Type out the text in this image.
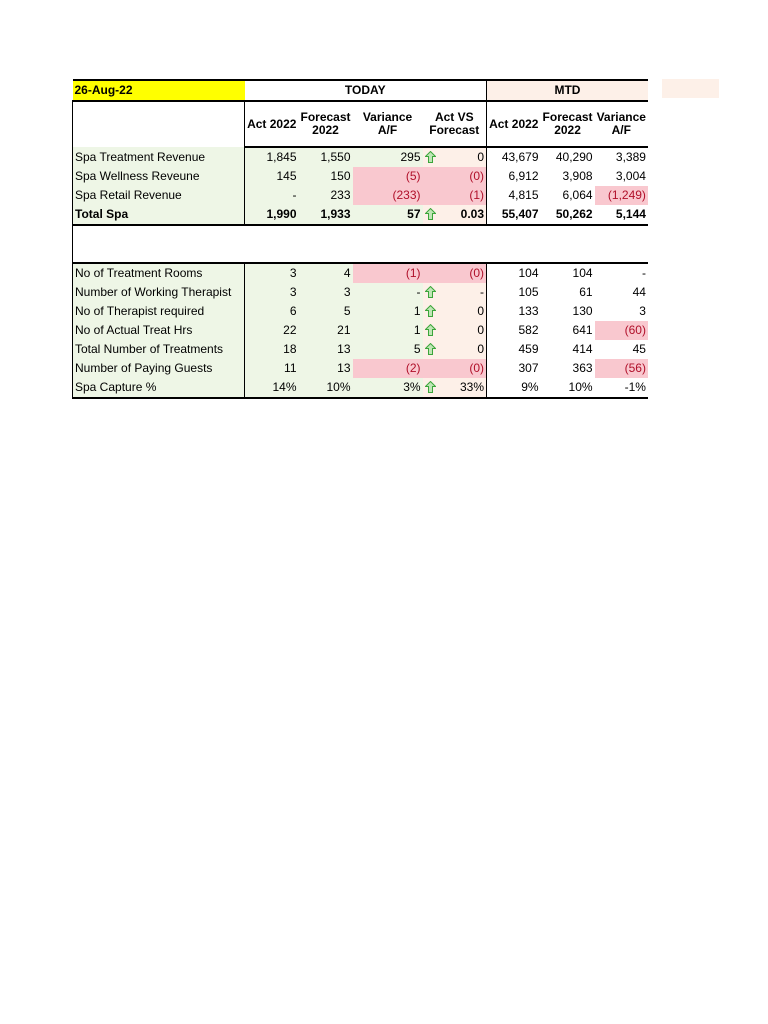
26-Aug-22	TODAY				MTD		
	Act 2022	Forecast 2022	Variance A/F	Act VS Forecast	Act 2022	Forecast 2022	Variance A/F
Spa Treatment Revenue	1,845	1,550	295	0	43,679	40,290	3,389
Spa Wellness Reveune	145	150	(5)	(0)	6,912	3,908	3,004
Spa Retail Revenue	-	233	(233)	(1)	4,815	6,064	(1,249)
Total Spa	1,990	1,933	57	0.03	55,407	50,262	5,144

No of Treatment Rooms	3	4	(1)	(0)	104	104	-
Number of Working Therapist	3	3	-	-	105	61	44
No of Therapist required	6	5	1	0	133	130	3
No of Actual Treat Hrs	22	21	1	0	582	641	(60)
Total Number of Treatments	18	13	5	0	459	414	45
Number of Paying Guests	11	13	(2)	(0)	307	363	(56)
Spa Capture %	14%	10%	3%	33%	9%	10%	-1%
